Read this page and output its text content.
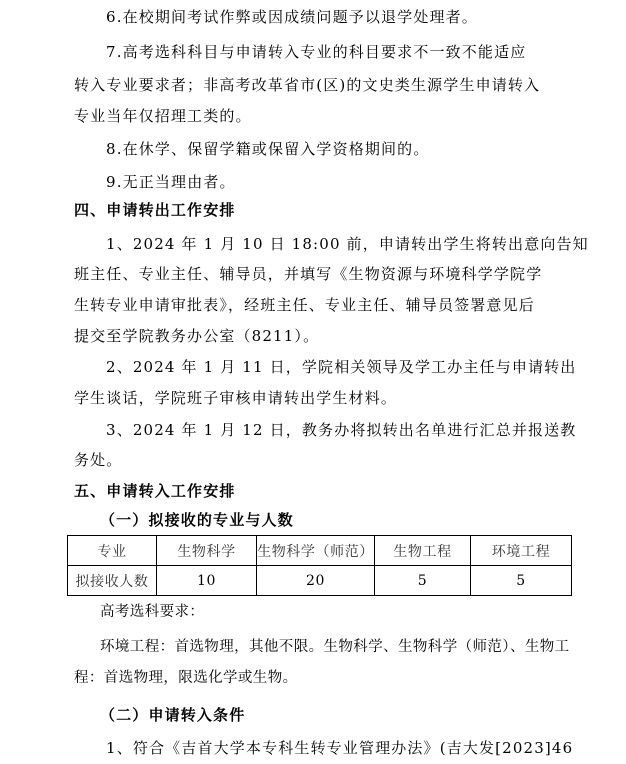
6.在校期间考试作弊或因成绩问题予以退学处理者。

7.高考选科科目与申请转入专业的科目要求不一致不能适应

转入专业要求者；非高考改革省市(区)的文史类生源学生申请转入

专业当年仅招理工类的。

8.在休学、保留学籍或保留入学资格期间的。

9.无正当理由者。

四、申请转出工作安排

1、2024 年 1 月 10 日 18:00 前，申请转出学生将转出意向告知

班主任、专业主任、辅导员，并填写《生物资源与环境科学学院学

生转专业申请审批表》，经班主任、专业主任、辅导员签署意见后

提交至学院教务办公室（8211）。

2、2024 年 1 月 11 日，学院相关领导及学工办主任与申请转出

学生谈话，学院班子审核申请转出学生材料。

3、2024 年 1 月 12 日，教务办将拟转出名单进行汇总并报送教

务处。

五、申请转入工作安排

（一）拟接收的专业与人数

专业	生物科学	生物科学（师范）	生物工程	环境工程
拟接收人数	10	20	5	5

高考选科要求：

环境工程：首选物理，其他不限。生物科学、生物科学（师范）、生物工

程：首选物理，限选化学或生物。

（二）申请转入条件

1、符合《吉首大学本专科生转专业管理办法》(吉大发[2023]46
